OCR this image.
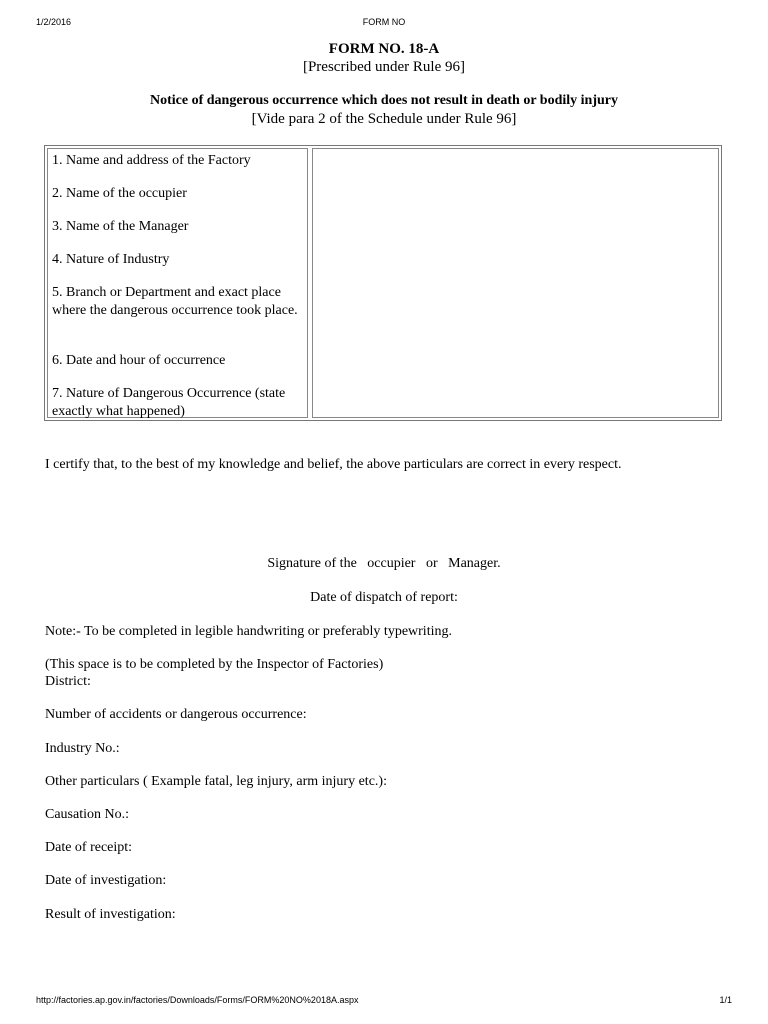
1/2/2016	FORM NO
FORM NO. 18-A
[Prescribed under Rule 96]
Notice of dangerous occurrence which does not result in death or bodily injury
[Vide para 2 of the Schedule under Rule 96]
1. Name and address of the Factory
2. Name of the occupier
3. Name of the Manager
4. Nature of Industry
5. Branch or Department and exact place where the dangerous occurrence took place.
6. Date and hour of occurrence
7. Nature of Dangerous Occurrence (state exactly what happened)
I certify that, to the best of my knowledge and belief, the above particulars are correct in every respect.
Signature of the   occupier   or   Manager.
Date of dispatch of report:
Note:- To be completed in legible handwriting or preferably typewriting.
(This space is to be completed by the Inspector of Factories)
District:
Number of accidents or dangerous occurrence:
Industry No.:
Other particulars ( Example fatal, leg injury, arm injury etc.):
Causation No.:
Date of receipt:
Date of investigation:
Result of investigation:
http://factories.ap.gov.in/factories/Downloads/Forms/FORM%20NO%2018A.aspx	1/1
